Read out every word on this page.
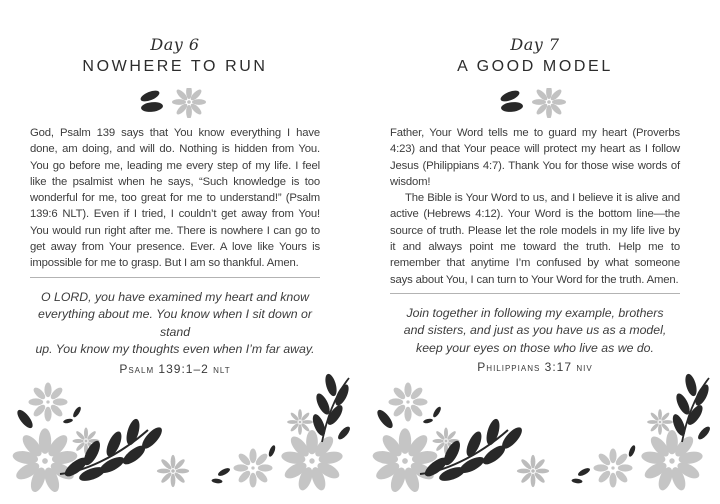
Day 6
NOWHERE TO RUN
God, Psalm 139 says that You know everything I have done, am doing, and will do. Nothing is hidden from You. You go before me, leading me every step of my life. I feel like the psalmist when he says, “Such knowledge is too wonderful for me, too great for me to understand!” (Psalm 139:6 NLT). Even if I tried, I couldn’t get away from You! You would run right after me. There is nowhere I can go to get away from Your presence. Ever. A love like Yours is impossible for me to grasp. But I am so thankful. Amen.
O LORD, you have examined my heart and know
everything about me. You know when I sit down or stand
up. You know my thoughts even when I’m far away.
Psalm 139:1–2 nlt
Day 7
A GOOD MODEL
Father, Your Word tells me to guard my heart (Proverbs 4:23) and that Your peace will protect my heart as I follow Jesus (Philippians 4:7). Thank You for those wise words of wisdom!
The Bible is Your Word to us, and I believe it is alive and active (Hebrews 4:12). Your Word is the bottom line—the source of truth. Please let the role models in my life live by it and always point me toward the truth. Help me to remember that anytime I’m confused by what someone says about You, I can turn to Your Word for the truth. Amen.
Join together in following my example, brothers
and sisters, and just as you have us as a model,
keep your eyes on those who live as we do.
Philippians 3:17 niv
